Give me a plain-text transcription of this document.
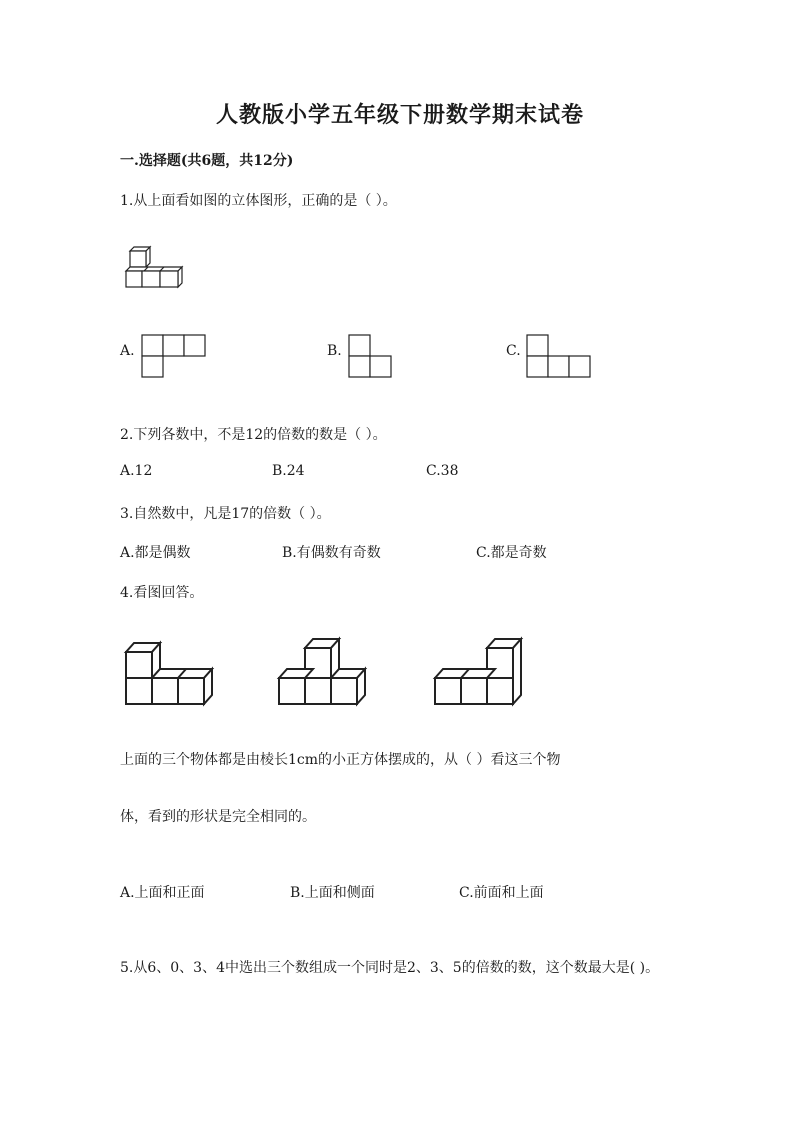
人教版小学五年级下册数学期末试卷
一.选择题(共6题，共12分)
1.从上面看如图的立体图形，正确的是（ ）。
A.	B.	C.
2.下列各数中，不是12的倍数的数是（ ）。
A.12	B.24	C.38
3.自然数中，凡是17的倍数（ ）。
A.都是偶数	B.有偶数有奇数	C.都是奇数
4.看图回答。
上面的三个物体都是由棱长1cm的小正方体摆成的，从（ ）看这三个物
体，看到的形状是完全相同的。
A.上面和正面	B.上面和侧面	C.前面和上面
5.从6、0、3、4中选出三个数组成一个同时是2、3、5的倍数的数，这个数最大是( )。
